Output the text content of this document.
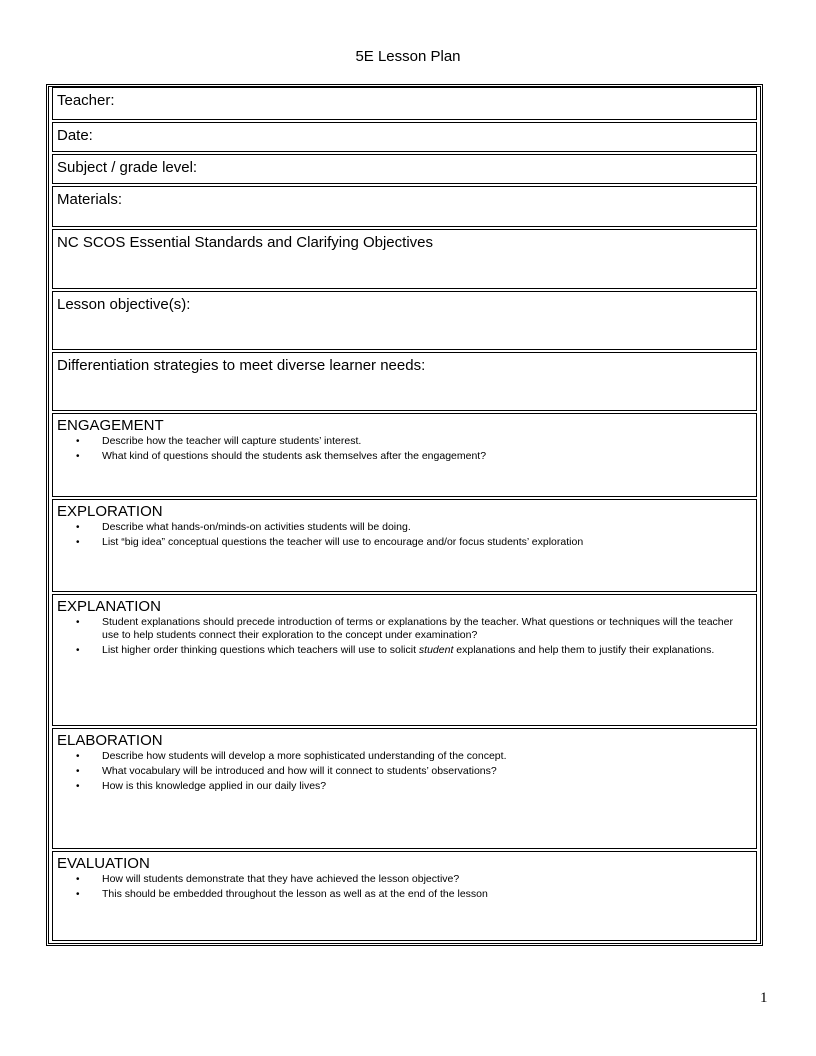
5E Lesson Plan
Teacher:
Date:
Subject / grade level:
Materials:
NC SCOS Essential Standards and Clarifying Objectives
Lesson objective(s):
Differentiation strategies to meet diverse learner needs:
ENGAGEMENT
• Describe how the teacher will capture students’ interest.
• What kind of questions should the students ask themselves after the engagement?
EXPLORATION
• Describe what hands-on/minds-on activities students will be doing.
• List “big idea” conceptual questions the teacher will use to encourage and/or focus students’ exploration
EXPLANATION
• Student explanations should precede introduction of terms or explanations by the teacher. What questions or techniques will the teacher use to help students connect their exploration to the concept under examination?
• List higher order thinking questions which teachers will use to solicit student explanations and help them to justify their explanations.
ELABORATION
• Describe how students will develop a more sophisticated understanding of the concept.
• What vocabulary will be introduced and how will it connect to students’ observations?
• How is this knowledge applied in our daily lives?
EVALUATION
• How will students demonstrate that they have achieved the lesson objective?
• This should be embedded throughout the lesson as well as at the end of the lesson
1
